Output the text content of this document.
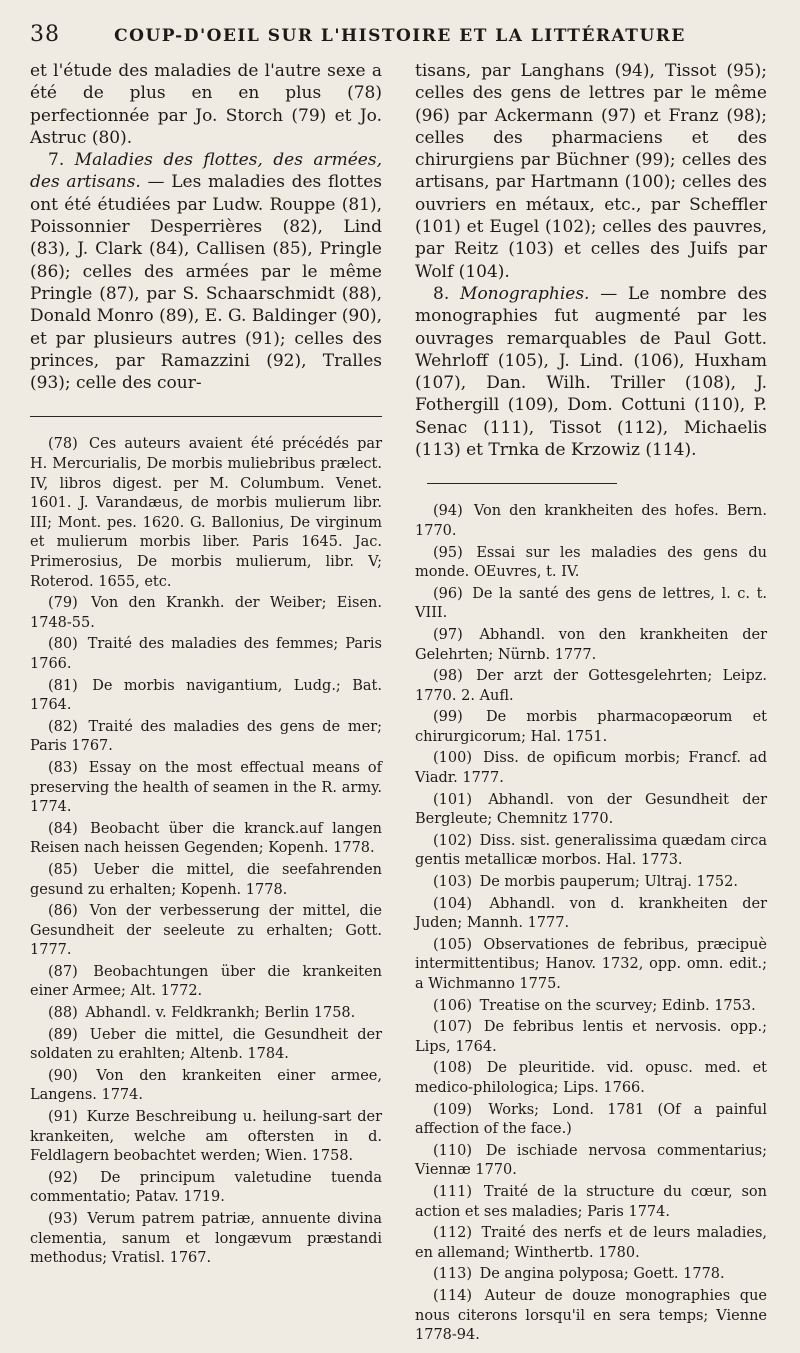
38	COUP-D'OEIL SUR L'HISTOIRE ET LA LITTÉRATURE

et l'étude des maladies de l'autre sexe a été de plus en en plus (78) perfectionnée par Jo. Storch (79) et Jo. Astruc (80).

7. Maladies des flottes, des armées, des artisans. — Les maladies des flottes ont été étudiées par Ludw. Rouppe (81), Poissonnier Desperrières (82), Lind (83), J. Clark (84), Callisen (85), Pringle (86); celles des armées par le même Pringle (87), par S. Schaarschmidt (88), Donald Monro (89), E. G. Baldinger (90), et par plusieurs autres (91); celles des princes, par Ramazzini (92), Tralles (93); celle des cour-

(78) Ces auteurs avaient été précédés par H. Mercurialis, De morbis muliebribus prælect. IV, libros digest. per M. Columbum. Venet. 1601. J. Varandæus, de morbis mulierum libr. III; Mont. pes. 1620. G. Ballonius, De virginum et mulierum morbis liber. Paris 1645. Jac. Primerosius, De morbis mulierum, libr. V; Roterod. 1655, etc.

(79) Von den Krankh. der Weiber; Eisen. 1748-55.

(80) Traité des maladies des femmes; Paris 1766.

(81) De morbis navigantium, Ludg.; Bat. 1764.

(82) Traité des maladies des gens de mer; Paris 1767.

(83) Essay on the most effectual means of preserving the health of seamen in the R. army. 1774.

(84) Beobacht über die kranck.auf langen Reisen nach heissen Gegenden; Kopenh. 1778.

(85) Ueber die mittel, die seefahrenden gesund zu erhalten; Kopenh. 1778.

(86) Von der verbesserung der mittel, die Gesundheit der seeleute zu erhalten; Gott. 1777.

(87) Beobachtungen über die krankeiten einer Armee; Alt. 1772.

(88) Abhandl. v. Feldkrankh; Berlin 1758.

(89) Ueber die mittel, die Gesundheit der soldaten zu erahlten; Altenb. 1784.

(90) Von den krankeiten einer armee, Langens. 1774.

(91) Kurze Beschreibung u. heilung-sart der krankeiten, welche am oftersten in d. Feldlagern beobachtet werden; Wien. 1758.

(92) De principum valetudine tuenda commentatio; Patav. 1719.

(93) Verum patrem patriæ, annuente divina clementia, sanum et longævum præstandi methodus; Vratisl. 1767.

tisans, par Langhans (94), Tissot (95); celles des gens de lettres par le même (96) par Ackermann (97) et Franz (98); celles des pharmaciens et des chirurgiens par Büchner (99); celles des artisans, par Hartmann (100); celles des ouvriers en métaux, etc., par Scheffler (101) et Eugel (102); celles des pauvres, par Reitz (103) et celles des Juifs par Wolf (104).

8. Monographies. — Le nombre des monographies fut augmenté par les ouvrages remarquables de Paul Gott. Wehrloff (105), J. Lind. (106), Huxham (107), Dan. Wilh. Triller (108), J. Fothergill (109), Dom. Cottuni (110), P. Senac (111), Tissot (112), Michaelis (113) et Trnka de Krzowiz (114).

(94) Von den krankheiten des hofes. Bern. 1770.

(95) Essai sur les maladies des gens du monde. OEuvres, t. IV.

(96) De la santé des gens de lettres, l. c. t. VIII.

(97) Abhandl. von den krankheiten der Gelehrten; Nürnb. 1777.

(98) Der arzt der Gottesgelehrten; Leipz. 1770. 2. Aufl.

(99) De morbis pharmacopæorum et chirurgicorum; Hal. 1751.

(100) Diss. de opificum morbis; Francf. ad Viadr. 1777.

(101) Abhandl. von der Gesundheit der Bergleute; Chemnitz 1770.

(102) Diss. sist. generalissima quædam circa gentis metallicæ morbos. Hal. 1773.

(103) De morbis pauperum; Ultraj. 1752.

(104) Abhandl. von d. krankheiten der Juden; Mannh. 1777.

(105) Observationes de febribus, præcipuè intermittentibus; Hanov. 1732, opp. omn. edit.; a Wichmanno 1775.

(106) Treatise on the scurvey; Edinb. 1753.

(107) De febribus lentis et nervosis. opp.; Lips, 1764.

(108) De pleuritide. vid. opusc. med. et medico-philologica; Lips. 1766.

(109) Works; Lond. 1781 (Of a painful affection of the face.)

(110) De ischiade nervosa commentarius; Viennæ 1770.

(111) Traité de la structure du cœur, son action et ses maladies; Paris 1774.

(112) Traité des nerfs et de leurs maladies, en allemand; Winthertb. 1780.

(113) De angina polyposa; Goett. 1778.

(114) Auteur de douze monographies que nous citerons lorsqu'il en sera temps; Vienne 1778-94.
